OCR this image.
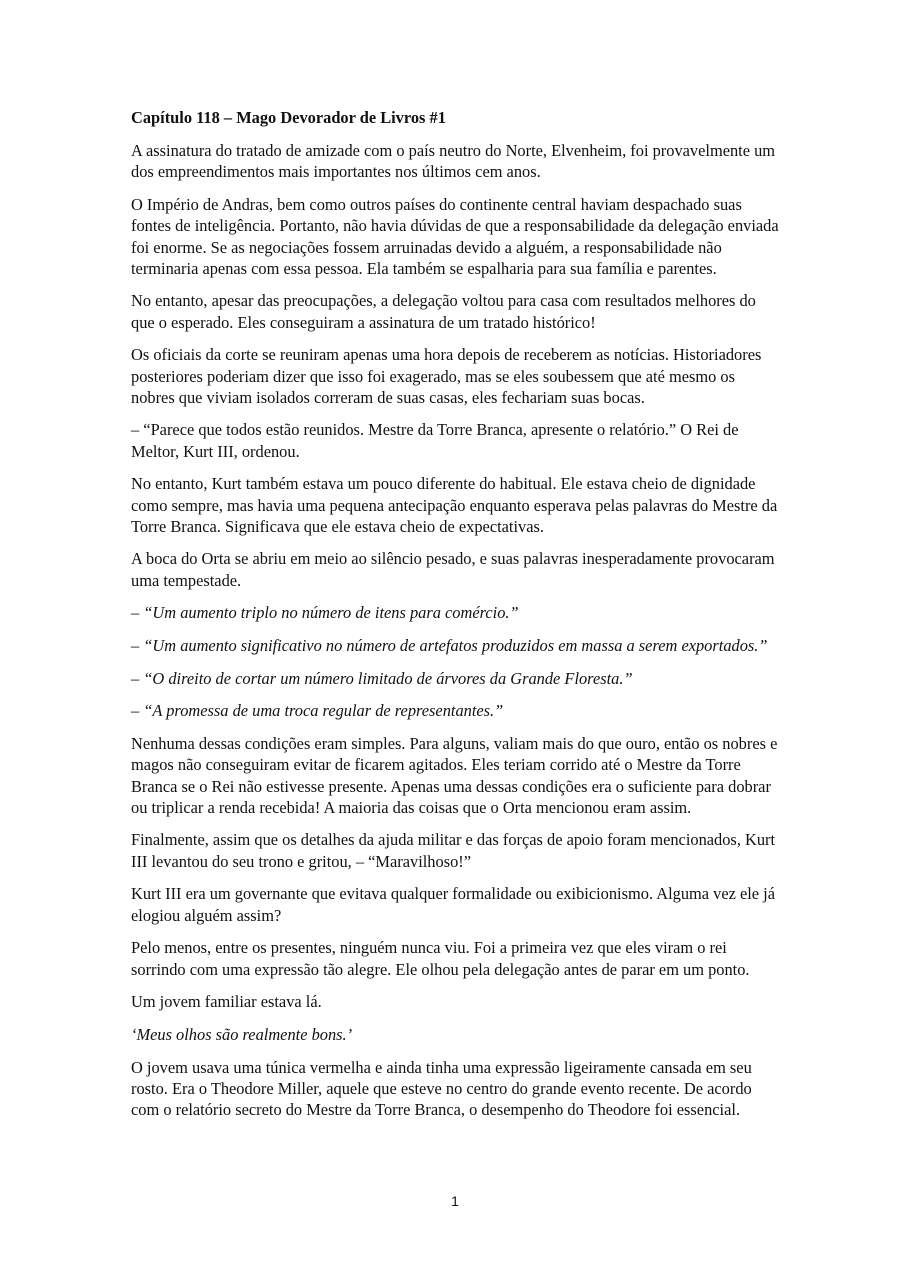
Capítulo 118 – Mago Devorador de Livros #1

A assinatura do tratado de amizade com o país neutro do Norte, Elvenheim, foi provavelmente um dos empreendimentos mais importantes nos últimos cem anos.

O Império de Andras, bem como outros países do continente central haviam despachado suas fontes de inteligência. Portanto, não havia dúvidas de que a responsabilidade da delegação enviada foi enorme. Se as negociações fossem arruinadas devido a alguém, a responsabilidade não terminaria apenas com essa pessoa. Ela também se espalharia para sua família e parentes.

No entanto, apesar das preocupações, a delegação voltou para casa com resultados melhores do que o esperado. Eles conseguiram a assinatura de um tratado histórico!

Os oficiais da corte se reuniram apenas uma hora depois de receberem as notícias. Historiadores posteriores poderiam dizer que isso foi exagerado, mas se eles soubessem que até mesmo os nobres que viviam isolados correram de suas casas, eles fechariam suas bocas.

– “Parece que todos estão reunidos. Mestre da Torre Branca, apresente o relatório.” O Rei de Meltor, Kurt III, ordenou.

No entanto, Kurt também estava um pouco diferente do habitual. Ele estava cheio de dignidade como sempre, mas havia uma pequena antecipação enquanto esperava pelas palavras do Mestre da Torre Branca. Significava que ele estava cheio de expectativas.

A boca do Orta se abriu em meio ao silêncio pesado, e suas palavras inesperadamente provocaram uma tempestade.

– “Um aumento triplo no número de itens para comércio.”

– “Um aumento significativo no número de artefatos produzidos em massa a serem exportados.”

– “O direito de cortar um número limitado de árvores da Grande Floresta.”

– “A promessa de uma troca regular de representantes.”

Nenhuma dessas condições eram simples. Para alguns, valiam mais do que ouro, então os nobres e magos não conseguiram evitar de ficarem agitados. Eles teriam corrido até o Mestre da Torre Branca se o Rei não estivesse presente. Apenas uma dessas condições era o suficiente para dobrar ou triplicar a renda recebida! A maioria das coisas que o Orta mencionou eram assim.

Finalmente, assim que os detalhes da ajuda militar e das forças de apoio foram mencionados, Kurt III levantou do seu trono e gritou, – “Maravilhoso!”

Kurt III era um governante que evitava qualquer formalidade ou exibicionismo. Alguma vez ele já elogiou alguém assim?

Pelo menos, entre os presentes, ninguém nunca viu. Foi a primeira vez que eles viram o rei sorrindo com uma expressão tão alegre. Ele olhou pela delegação antes de parar em um ponto.

Um jovem familiar estava lá.

‘Meus olhos são realmente bons.’

O jovem usava uma túnica vermelha e ainda tinha uma expressão ligeiramente cansada em seu rosto. Era o Theodore Miller, aquele que esteve no centro do grande evento recente. De acordo com o relatório secreto do Mestre da Torre Branca, o desempenho do Theodore foi essencial.

1
